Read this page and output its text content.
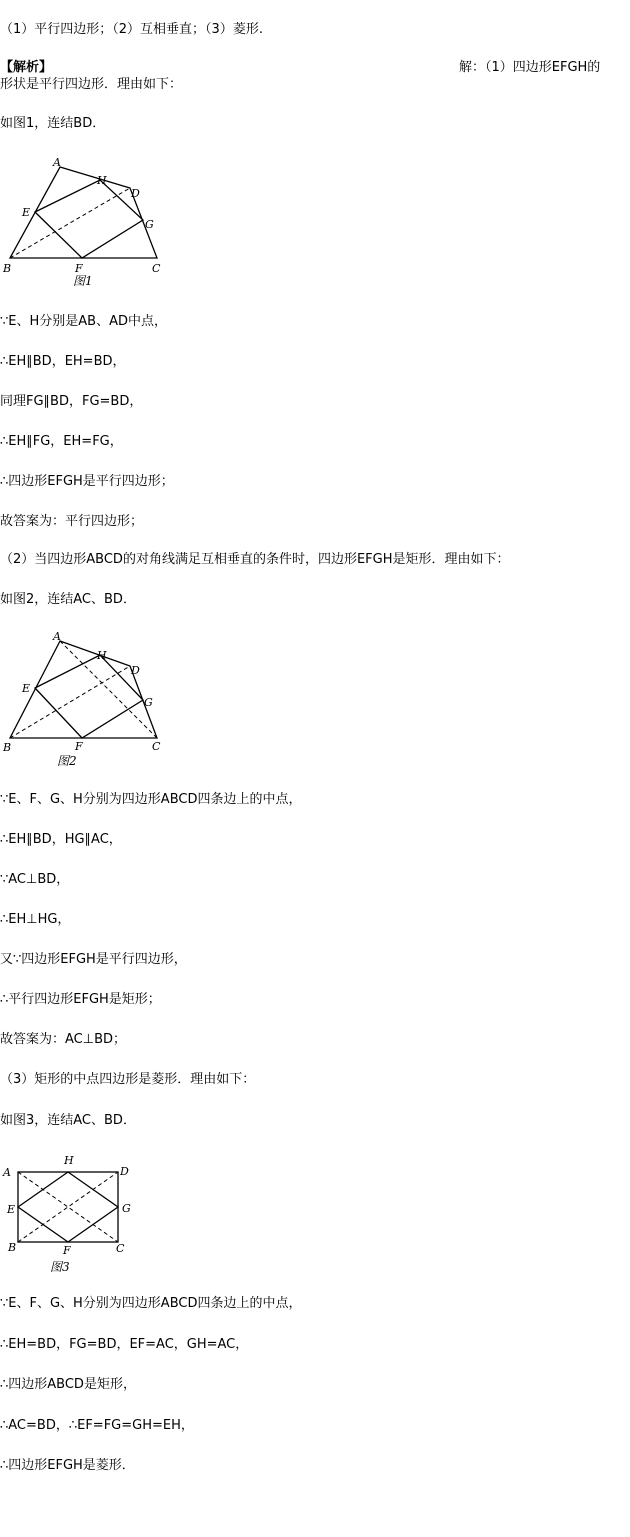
（1）平行四边形；（2）互相垂直；（3）菱形.
【解析】	解：（1）四边形EFGH的
形状是平行四边形．理由如下：
如图1，连结BD．
A
H
D
E
G
B	F	C
图1
∵E、H分别是AB、AD中点，
∴EH∥BD，EH=BD，
同理FG∥BD，FG=BD，
∴EH∥FG，EH=FG，
∴四边形EFGH是平行四边形；
故答案为：平行四边形；
（2）当四边形ABCD的对角线满足互相垂直的条件时，四边形EFGH是矩形．理由如下：
如图2，连结AC、BD．
A
H
D
E
G
B	F	C
图2
∵E、F、G、H分别为四边形ABCD四条边上的中点，
∴EH∥BD，HG∥AC，
∵AC⊥BD，
∴EH⊥HG，
又∵四边形EFGH是平行四边形，
∴平行四边形EFGH是矩形；
故答案为：AC⊥BD；
（3）矩形的中点四边形是菱形．理由如下：
如图3，连结AC、BD．
A
H
D
E	G
B	F	C
图3
∵E、F、G、H分别为四边形ABCD四条边上的中点，
∴EH=BD，FG=BD，EF=AC，GH=AC，
∴四边形ABCD是矩形，
∴AC=BD，∴EF=FG=GH=EH，
∴四边形EFGH是菱形．
